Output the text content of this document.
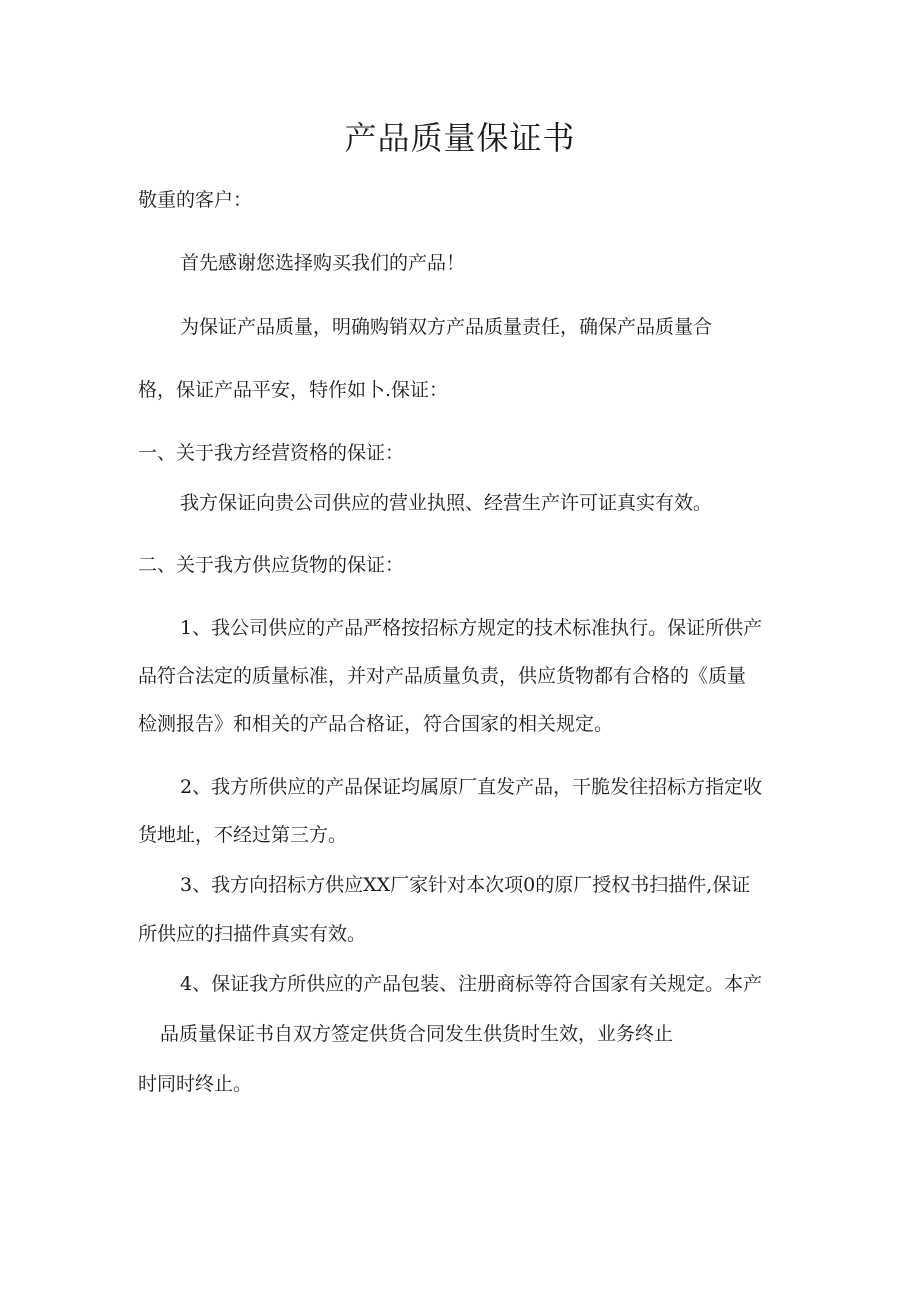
产品质量保证书

敬重的客户：

首先感谢您选择购买我们的产品！

为保证产品质量，明确购销双方产品质量责任，确保产品质量合

格，保证产品平安，特作如卜.保证：

一、关于我方经营资格的保证：

我方保证向贵公司供应的营业执照、经营生产许可证真实有效。

二、关于我方供应货物的保证：

1、我公司供应的产品严格按招标方规定的技术标准执行。保证所供产

品符合法定的质量标准，并对产品质量负责，供应货物都有合格的《质量

检测报告》和相关的产品合格证，符合国家的相关规定。

2、我方所供应的产品保证均属原厂直发产品，干脆发往招标方指定收

货地址，不经过第三方。

3、我方向招标方供应XX厂家针对本次项0的原厂授权书扫描件,保证

所供应的扫描件真实有效。

4、保证我方所供应的产品包装、注册商标等符合国家有关规定。本产

品质量保证书自双方签定供货合同发生供货时生效，业务终止

时同时终止。
